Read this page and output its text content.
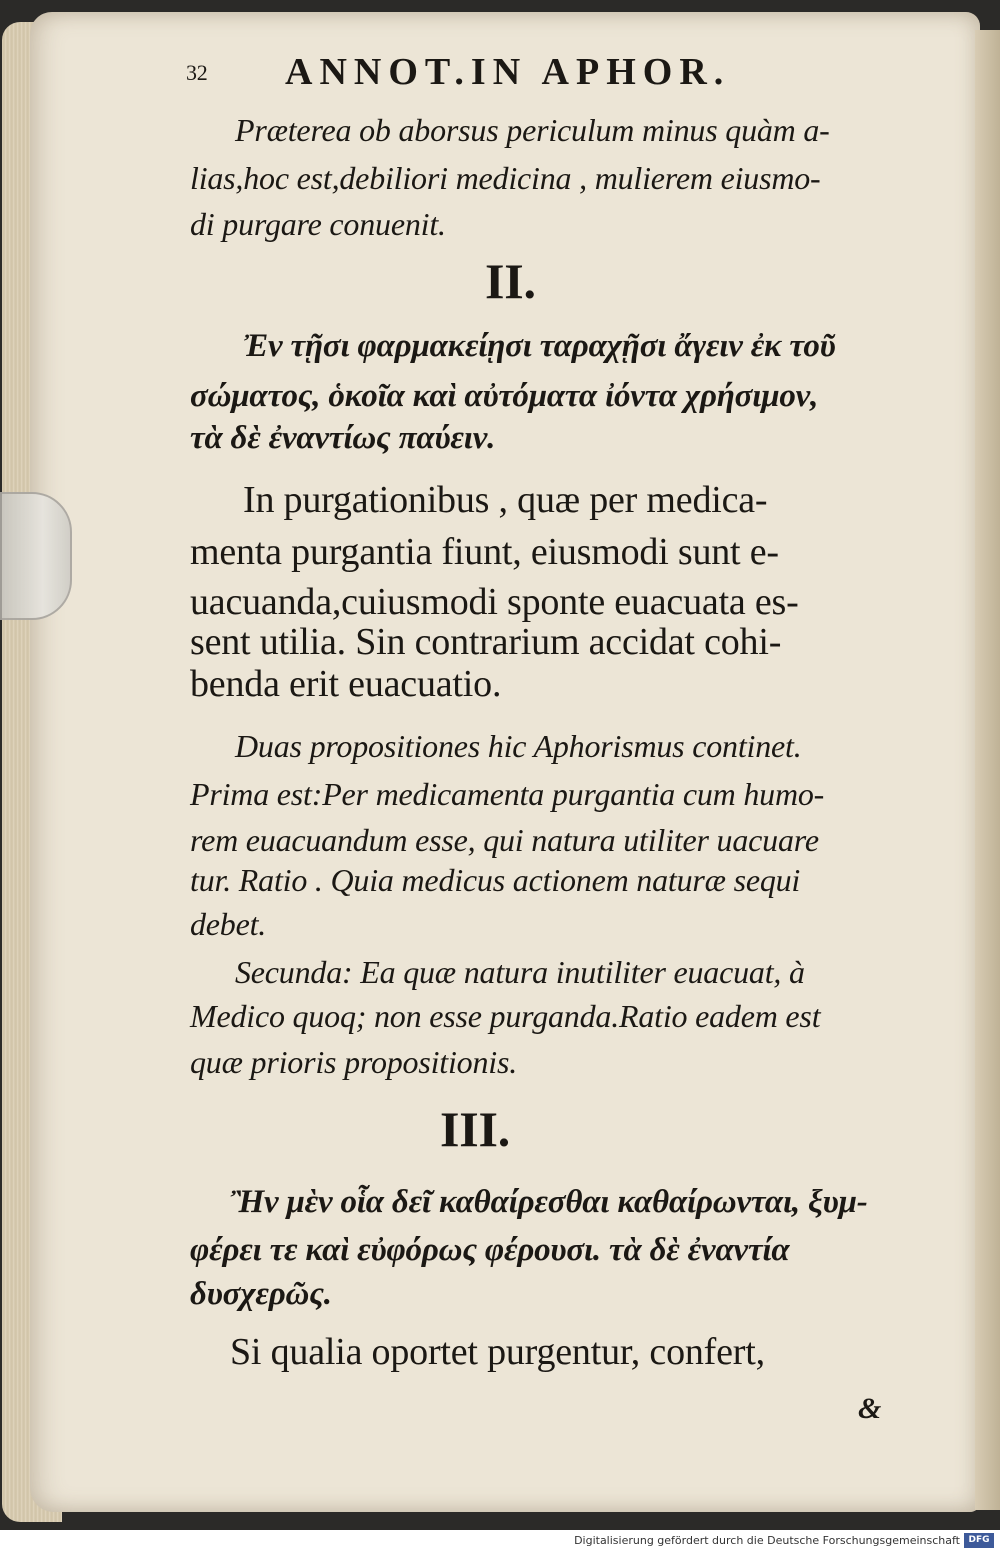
32 ANNOT.IN APHOR.

Præterea ob aborsus periculum minus quàm a-

lias,hoc est,debiliori medicina , mulierem eiusmo-

di purgare conuenit.

II.

Ἐν τῇσι φαρμακείῃσι ταραχῇσι ἄγειν ἐκ τοῦ

σώματος, ὁκοῖα καὶ αὐτόματα ἰόντα χρήσιμον,

τὰ δὲ ἐναντίως παύειν.

In purgationibus , quæ per medica-

menta purgantia fiunt, eiusmodi sunt e-

uacuanda,cuiusmodi sponte euacuata es-

sent utilia. Sin contrarium accidat cohi-

benda erit euacuatio.

Duas propositiones hic Aphorismus continet.

Prima est:Per medicamenta purgantia cum humo-

rem euacuandum esse, qui natura utiliter uacuare

tur. Ratio . Quia medicus actionem naturæ sequi

debet.

Secunda: Ea quæ natura inutiliter euacuat, à

Medico quoq; non esse purganda.Ratio eadem est

quæ prioris propositionis.

III.

Ἢν μὲν οἷα δεῖ καθαίρεσθαι καθαίρωνται, ξυμ-

φέρει τε καὶ εὐφόρως φέρουσι. τὰ δὲ ἐναντία

δυσχερῶς.

Si qualia oportet purgentur, confert,

&

Digitalisierung gefördert durch die Deutsche Forschungsgemeinschaft DFG
